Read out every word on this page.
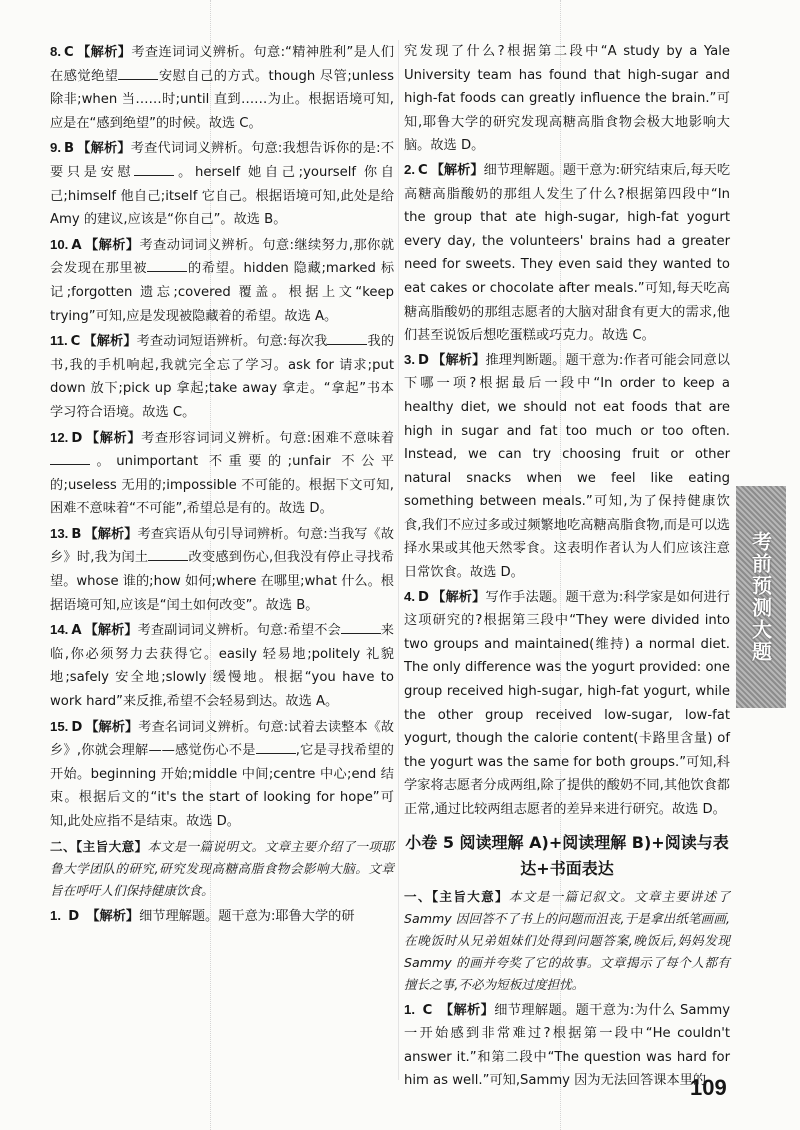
8. C 【解析】考查连词词义辨析。句意:“精神胜利”是人们在感觉绝望	安慰自己的方式。though 尽管;unless 除非;when 当……时;until 直到……为止。根据语境可知,应是在“感到绝望”的时候。故选 C。
9. B 【解析】考查代词词义辨析。句意:我想告诉你的是:不要只是安慰	。herself 她自己;yourself 你自己;himself 他自己;itself 它自己。根据语境可知,此处是给 Amy 的建议,应该是“你自己”。故选 B。
10. A 【解析】考查动词词义辨析。句意:继续努力,那你就会发现在那里被	的希望。hidden 隐藏;marked 标记;forgotten 遗忘;covered 覆盖。根据上文“keep trying”可知,应是发现被隐藏着的希望。故选 A。
11. C 【解析】考查动词短语辨析。句意:每次我	我的书,我的手机响起,我就完全忘了学习。ask for 请求;put down 放下;pick up 拿起;take away 拿走。“拿起”书本学习符合语境。故选 C。
12. D 【解析】考查形容词词义辨析。句意:困难不意味着。unimportant 不重要的;unfair 不公平的;useless 无用的;impossible 不可能的。根据下文可知,困难不意味着“不可能”,希望总是有的。故选 D。
13. B 【解析】考查宾语从句引导词辨析。句意:当我写《故乡》时,我为闰土	改变感到伤心,但我没有停止寻找希望。whose 谁的;how 如何;where 在哪里;what 什么。根据语境可知,应该是“闰土如何改变”。故选 B。
14. A 【解析】考查副词词义辨析。句意:希望不会	来临,你必须努力去获得它。easily 轻易地;politely 礼貌地;safely 安全地;slowly 缓慢地。根据“you have to work hard”来反推,希望不会轻易到达。故选 A。
15. D 【解析】考查名词词义辨析。句意:试着去读整本《故乡》,你就会理解——感觉伤心不是	,它是寻找希望的开始。beginning 开始;middle 中间;centre 中心;end 结束。根据后文的“it's the start of looking for hope”可知,此处应指不是结束。故选 D。
二、【主旨大意】本文是一篇说明文。文章主要介绍了一项耶鲁大学团队的研究,研究发现高糖高脂食物会影响大脑。文章旨在呼吁人们保持健康饮食。
1. D 【解析】细节理解题。题干意为:耶鲁大学的研
究发现了什么?根据第二段中“A study by a Yale University team has found that high-sugar and high-fat foods can greatly influence the brain.”可知,耶鲁大学的研究发现高糖高脂食物会极大地影响大脑。故选 D。
2. C 【解析】细节理解题。题干意为:研究结束后,每天吃高糖高脂酸奶的那组人发生了什么?根据第四段中“In the group that ate high-sugar, high-fat yogurt every day, the volunteers' brains had a greater need for sweets. They even said they wanted to eat cakes or chocolate after meals.”可知,每天吃高糖高脂酸奶的那组志愿者的大脑对甜食有更大的需求,他们甚至说饭后想吃蛋糕或巧克力。故选 C。
3. D 【解析】推理判断题。题干意为:作者可能会同意以下哪一项?根据最后一段中“In order to keep a healthy diet, we should not eat foods that are high in sugar and fat too much or too often. Instead, we can try choosing fruit or other natural snacks when we feel like eating something between meals.”可知,为了保持健康饮食,我们不应过多或过频繁地吃高糖高脂食物,而是可以选择水果或其他天然零食。这表明作者认为人们应该注意日常饮食。故选 D。
4. D 【解析】写作手法题。题干意为:科学家是如何进行这项研究的?根据第三段中“They were divided into two groups and maintained(维持) a normal diet. The only difference was the yogurt provided: one group received high-sugar, high-fat yogurt, while the other group received low-sugar, low-fat yogurt, though the calorie content(卡路里含量) of the yogurt was the same for both groups.”可知,科学家将志愿者分成两组,除了提供的酸奶不同,其他饮食都正常,通过比较两组志愿者的差异来进行研究。故选 D。
小卷 5 阅读理解 A)+阅读理解 B)+阅读与表达+书面表达
一、【主旨大意】本文是一篇记叙文。文章主要讲述了 Sammy 因回答不了书上的问题而沮丧,于是拿出纸笔画画,在晚饭时从兄弟姐妹们处得到问题答案,晚饭后,妈妈发现 Sammy 的画并夸奖了它的故事。文章揭示了每个人都有擅长之事,不必为短板过度担忧。
1. C 【解析】细节理解题。题干意为:为什么 Sammy 一开始感到非常难过?根据第一段中“He couldn't answer it.”和第二段中“The question was hard for him as well.”可知,Sammy 因为无法回答课本里的
考前预测大题
109
